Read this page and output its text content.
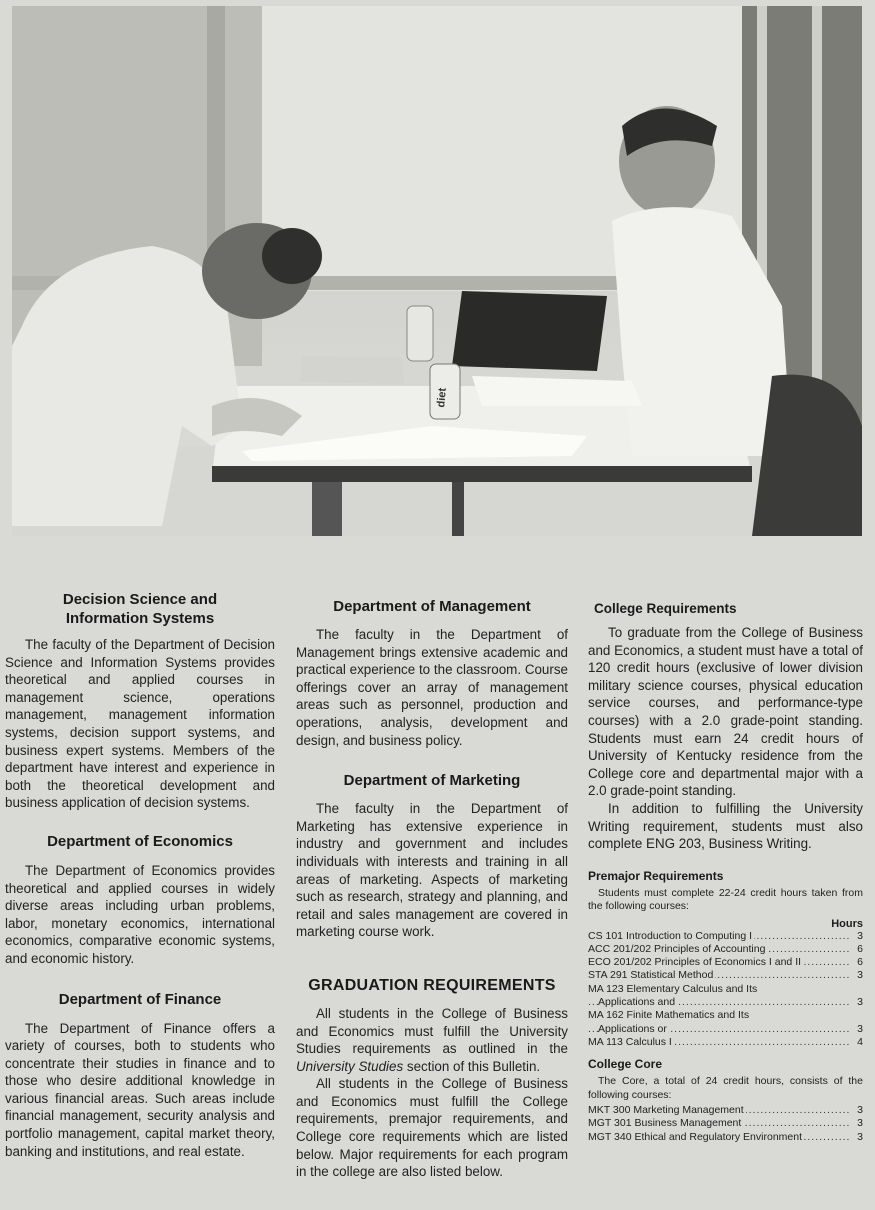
diet
Decision Science and
Information Systems

The faculty of the Department of Decision Science and Information Systems provides theoretical and applied courses in management science, operations management, management information systems, decision support systems, and business expert systems. Members of the department have interest and experience in both the theoretical development and business application of decision systems.

Department of Economics

The Department of Economics provides theoretical and applied courses in widely diverse areas including urban problems, labor, monetary economics, international economics, comparative economic systems, and economic history.

Department of Finance

The Department of Finance offers a variety of courses, both to students who concentrate their studies in finance and to those who desire additional knowledge in various financial areas. Such areas include financial management, security analysis and portfolio management, capital market theory, banking and institutions, and real estate.

Department of Management

The faculty in the Department of Management brings extensive academic and practical experience to the classroom. Course offerings cover an array of management areas such as personnel, production and operations, analysis, development and design, and business policy.

Department of Marketing

The faculty in the Department of Marketing has extensive experience in industry and government and includes individuals with interests and training in all areas of marketing. Aspects of marketing such as research, strategy and planning, and retail and sales management are covered in marketing course work.

GRADUATION REQUIREMENTS

All students in the College of Business and Economics must fulfill the University Studies requirements as outlined in the University Studies section of this Bulletin.

All students in the College of Business and Economics must fulfill the College requirements, premajor requirements, and College core requirements which are listed below. Major requirements for each program in the college are also listed below.

College Requirements

To graduate from the College of Business and Economics, a student must have a total of 120 credit hours (exclusive of lower division military science courses, physical education service courses, and performance-type courses) with a 2.0 grade-point standing. Students must earn 24 credit hours of University of Kentucky residence from the College core and departmental major with a 2.0 grade-point standing.

In addition to fulfilling the University Writing requirement, students must also complete ENG 203, Business Writing.

Premajor Requirements

Students must complete 22-24 credit hours taken from the following courses:

Hours
CS 101 Introduction to Computing I .....	3
ACC 201/202 Principles of Accounting .....	6
ECO 201/202 Principles of Economics I and II .....	6
STA 291 Statistical Method .....	3
MA 123 Elementary Calculus and Its	
Applications and .....	3
MA 162 Finite Mathematics and Its	
Applications or .....	3
MA 113 Calculus I .....	4
College Core

The Core, a total of 24 credit hours, consists of the following courses:

MKT 300 Marketing Management .....	3
MGT 301 Business Management .....	3
MGT 340 Ethical and Regulatory Environment .....	3
